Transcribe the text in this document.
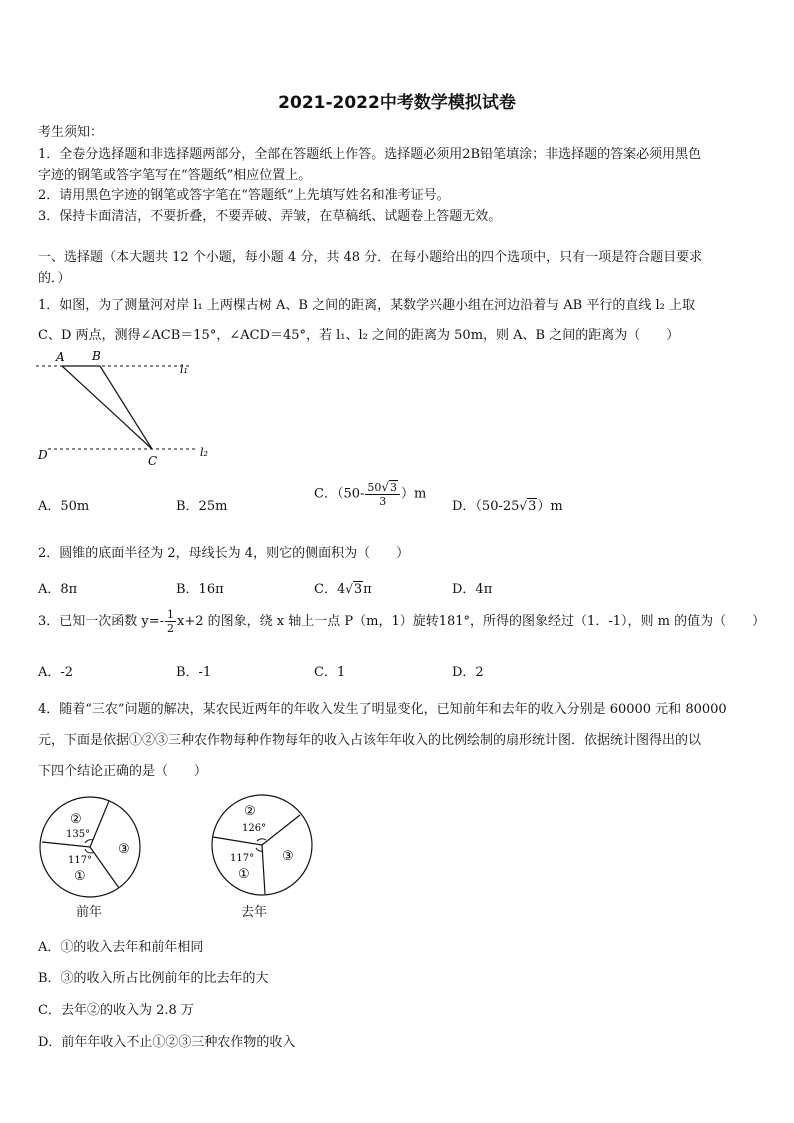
2021-2022中考数学模拟试卷
考生须知：
1．全卷分选择题和非选择题两部分，全部在答题纸上作答。选择题必须用2B铅笔填涂；非选择题的答案必须用黑色
字迹的钢笔或答字笔写在“答题纸”相应位置上。
2．请用黑色字迹的钢笔或答字笔在“答题纸”上先填写姓名和准考证号。
3．保持卡面清洁，不要折叠，不要弄破、弄皱，在草稿纸、试题卷上答题无效。
一、选择题（本大题共 12 个小题，每小题 4 分，共 48 分．在每小题给出的四个选项中，只有一项是符合题目要求
的．）
1．如图，为了测量河对岸 l₁ 上两棵古树 A、B 之间的距离，某数学兴趣小组在河边沿着与 AB 平行的直线 l₂ 上取
C、D 两点，测得∠ACB＝15°，∠ACD＝45°，若 l₁、l₂ 之间的距离为 50m，则 A、B 之间的距离为（　　）
A B
l₁
D	C
l₂
A．50m	B．25m
C．$(50- \frac{50√3}{3} )m$
D．（50-25√3）m
2．圆锥的底面半径为 2，母线长为 4，则它的侧面积为（　　）
A．8π	B．16π	C．4√3π	D．4π
3．已知一次函数 $y=- \frac{1}{2} x+2$ 的图象，绕 x 轴上一点 P（m，1）旋转181°，所得的图象经过（1．-1），则 m 的值为（　　）
A．-2	B．-1	C．1	D．2
4．随着“三农”问题的解决，某农民近两年的年收入发生了明显变化，已知前年和去年的收入分别是 60000 元和 80000
元，下面是依据①②③三种农作物每种作物每年的收入占该年年收入的比例绘制的扇形统计图．依据统计图得出的以
下四个结论正确的是（　　）
②
135°
117°
①
③
前年
②
126°
117°
①
③
去年
A．①的收入去年和前年相同
B．③的收入所占比例前年的比去年的大
C．去年②的收入为 2.8 万
D．前年年收入不止①②③三种农作物的收入
